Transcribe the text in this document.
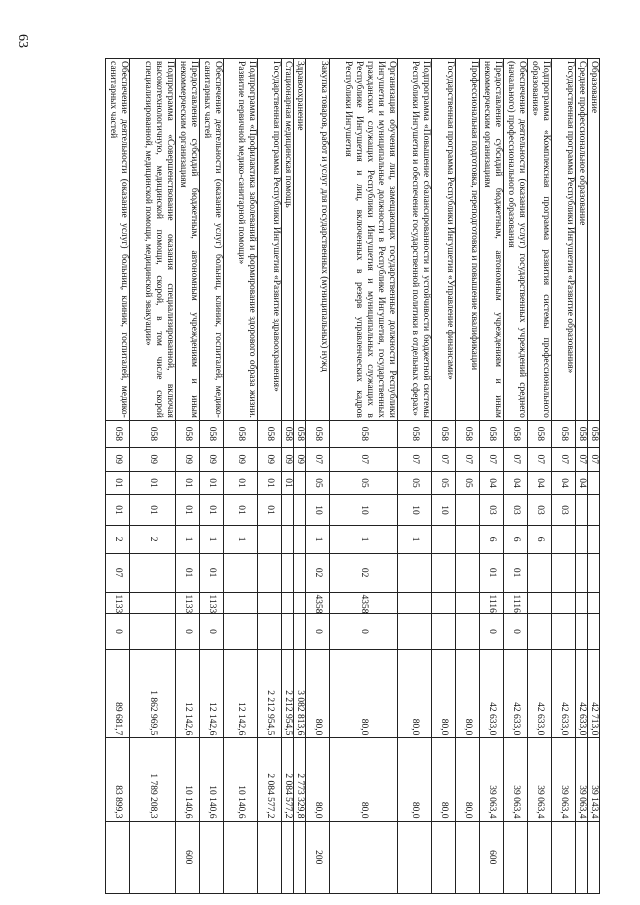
63
Образование	058	07							42 713,0	39 143,4	
Среднее профессиональное образование	058	07	04						42 633,0	39 063,4	
Государственная программа Республики Ингушетия «Развитие образования»	058	07	04	03					42 633,0	39 063,4	
Подпрограмма «Комплексная программа развития системы профессионального образования»	058	07	04	03	6				42 633,0	39 063,4	
Обеспечение деятельности (оказания услуг) государственных учреждений среднего (начального) профессионального образования	058	07	04	03	6	01	1116	0	42 633,0	39 063,4	
Предоставление субсидий бюджетным, автономным учреждениям и иным некоммерческим организациям	058	07	04	03	6	01	1116	0	42 633,0	39 063,4	600
Профессиональная подготовка, переподготовка и повышение квалификации	058	07	05						80,0	80,0	
Государственная программа Республики Ингушетия «Управление финансами»	058	07	05	10					80,0	80,0	
Подпрограмма «Повышение сбалансированности и устойчивости бюджетной системы Республики Ингушетия и обеспечение государственной политики в отдельных сферах»	058	07	05	10	1				80,0	80,0	
Организация обучения лиц, замещающих государственные должности Республики Ингушетия и муниципальные должности в Республике Ингушетия, государственных гражданских служащих Республики Ингушетия и муниципальных служащих в Республике Ингушетия и лиц, включенных в резерв управленческих кадров Республики Ингушетия	058	07	05	10	1	02	4358	0	80,0	80,0	
Закупка товаров, работ и услуг для государственных (муниципальных) нужд	058	07	05	10	1	02	4358	0	80,0	80,0	200
Здравоохранение	058	09							3 082 813,6	2 773 329,8	
Стационарная медицинская помощь	058	09	01						2 212 954,5	2 084 577,2	
Государственная программа Республики Ингушетия «Развитие здравоохранения»	058	09	01	01					2 212 954,5	2 084 577,2	
Подпрограмма «Профилактика заболеваний и формирование здорового образа жизни. Развитие первичной медико-санитарной помощи»	058	09	01	01	1				12 142,6	10 140,6	
Обеспечение деятельности (оказание услуг) больниц, клиник, госпиталей, медико-санитарных частей	058	09	01	01	1	01	1133	0	12 142,6	10 140,6	
Предоставление субсидий бюджетным, автономным учреждениям и иным некоммерческим организациям	058	09	01	01	1	01	1133	0	12 142,6	10 140,6	600
Подпрограмма «Совершенствование оказания специализированной, включая высокотехнологичную, медицинской помощи, скорой, в том числе скорой специализированной, медицинской помощи, медицинской эвакуации»	058	09	01	01	2				1 862 969,5	1 789 208,3	
Обеспечение деятельности (оказание услуг) больниц, клиник, госпиталей, медико-санитарных частей	058	09	01	01	2	07	1133	0	89 681,7	83 899,3	
